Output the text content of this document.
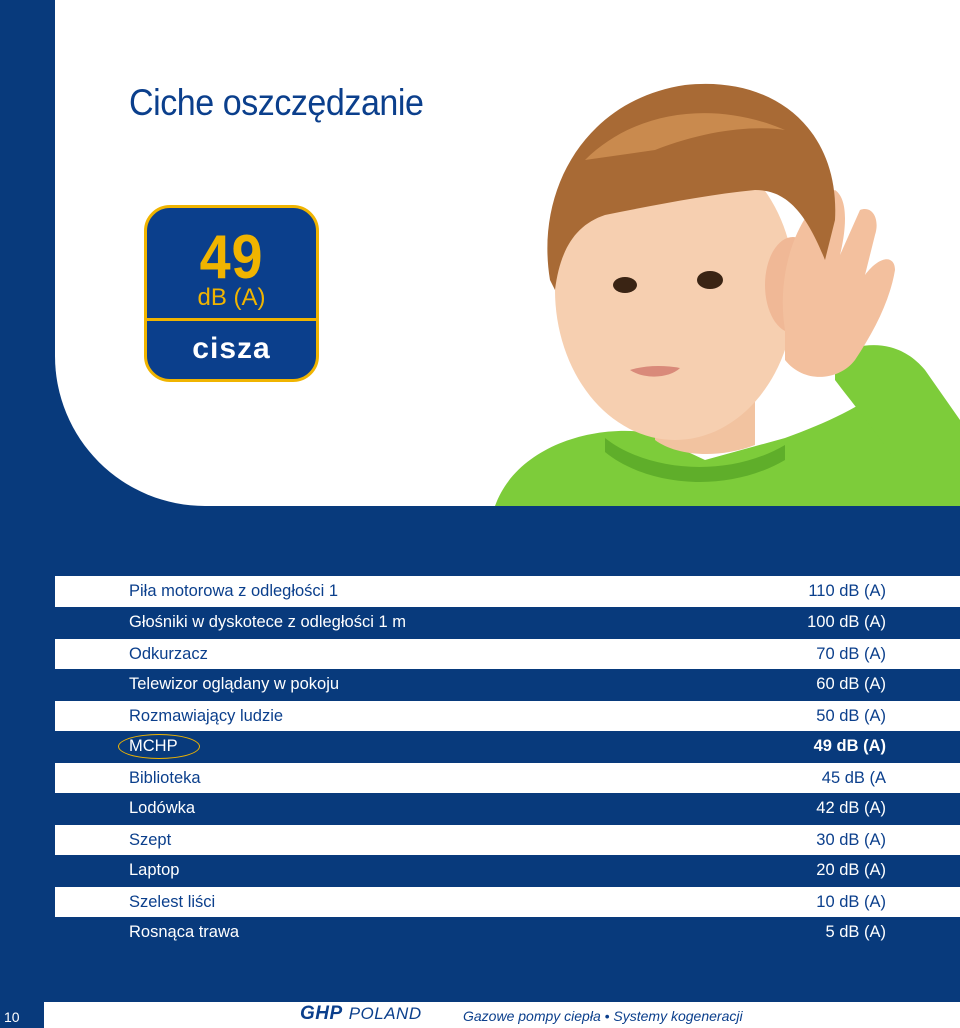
Ciche oszczędzanie
49
dB (A)
cisza
Piła motorowa z odległości 1	110 dB (A)
Głośniki w dyskotece z odległości 1 m	100 dB (A)
Odkurzacz	70 dB (A)
Telewizor oglądany w pokoju	60 dB (A)
Rozmawiający ludzie	50 dB (A)
MCHP	49 dB (A)
Biblioteka	45 dB (A
Lodówka	42 dB (A)
Szept	30 dB (A)
Laptop	20 dB (A)
Szelest liści	10 dB (A)
Rosnąca trawa	5 dB (A)
10	GHP POLAND	Gazowe pompy ciepła • Systemy kogeneracji
